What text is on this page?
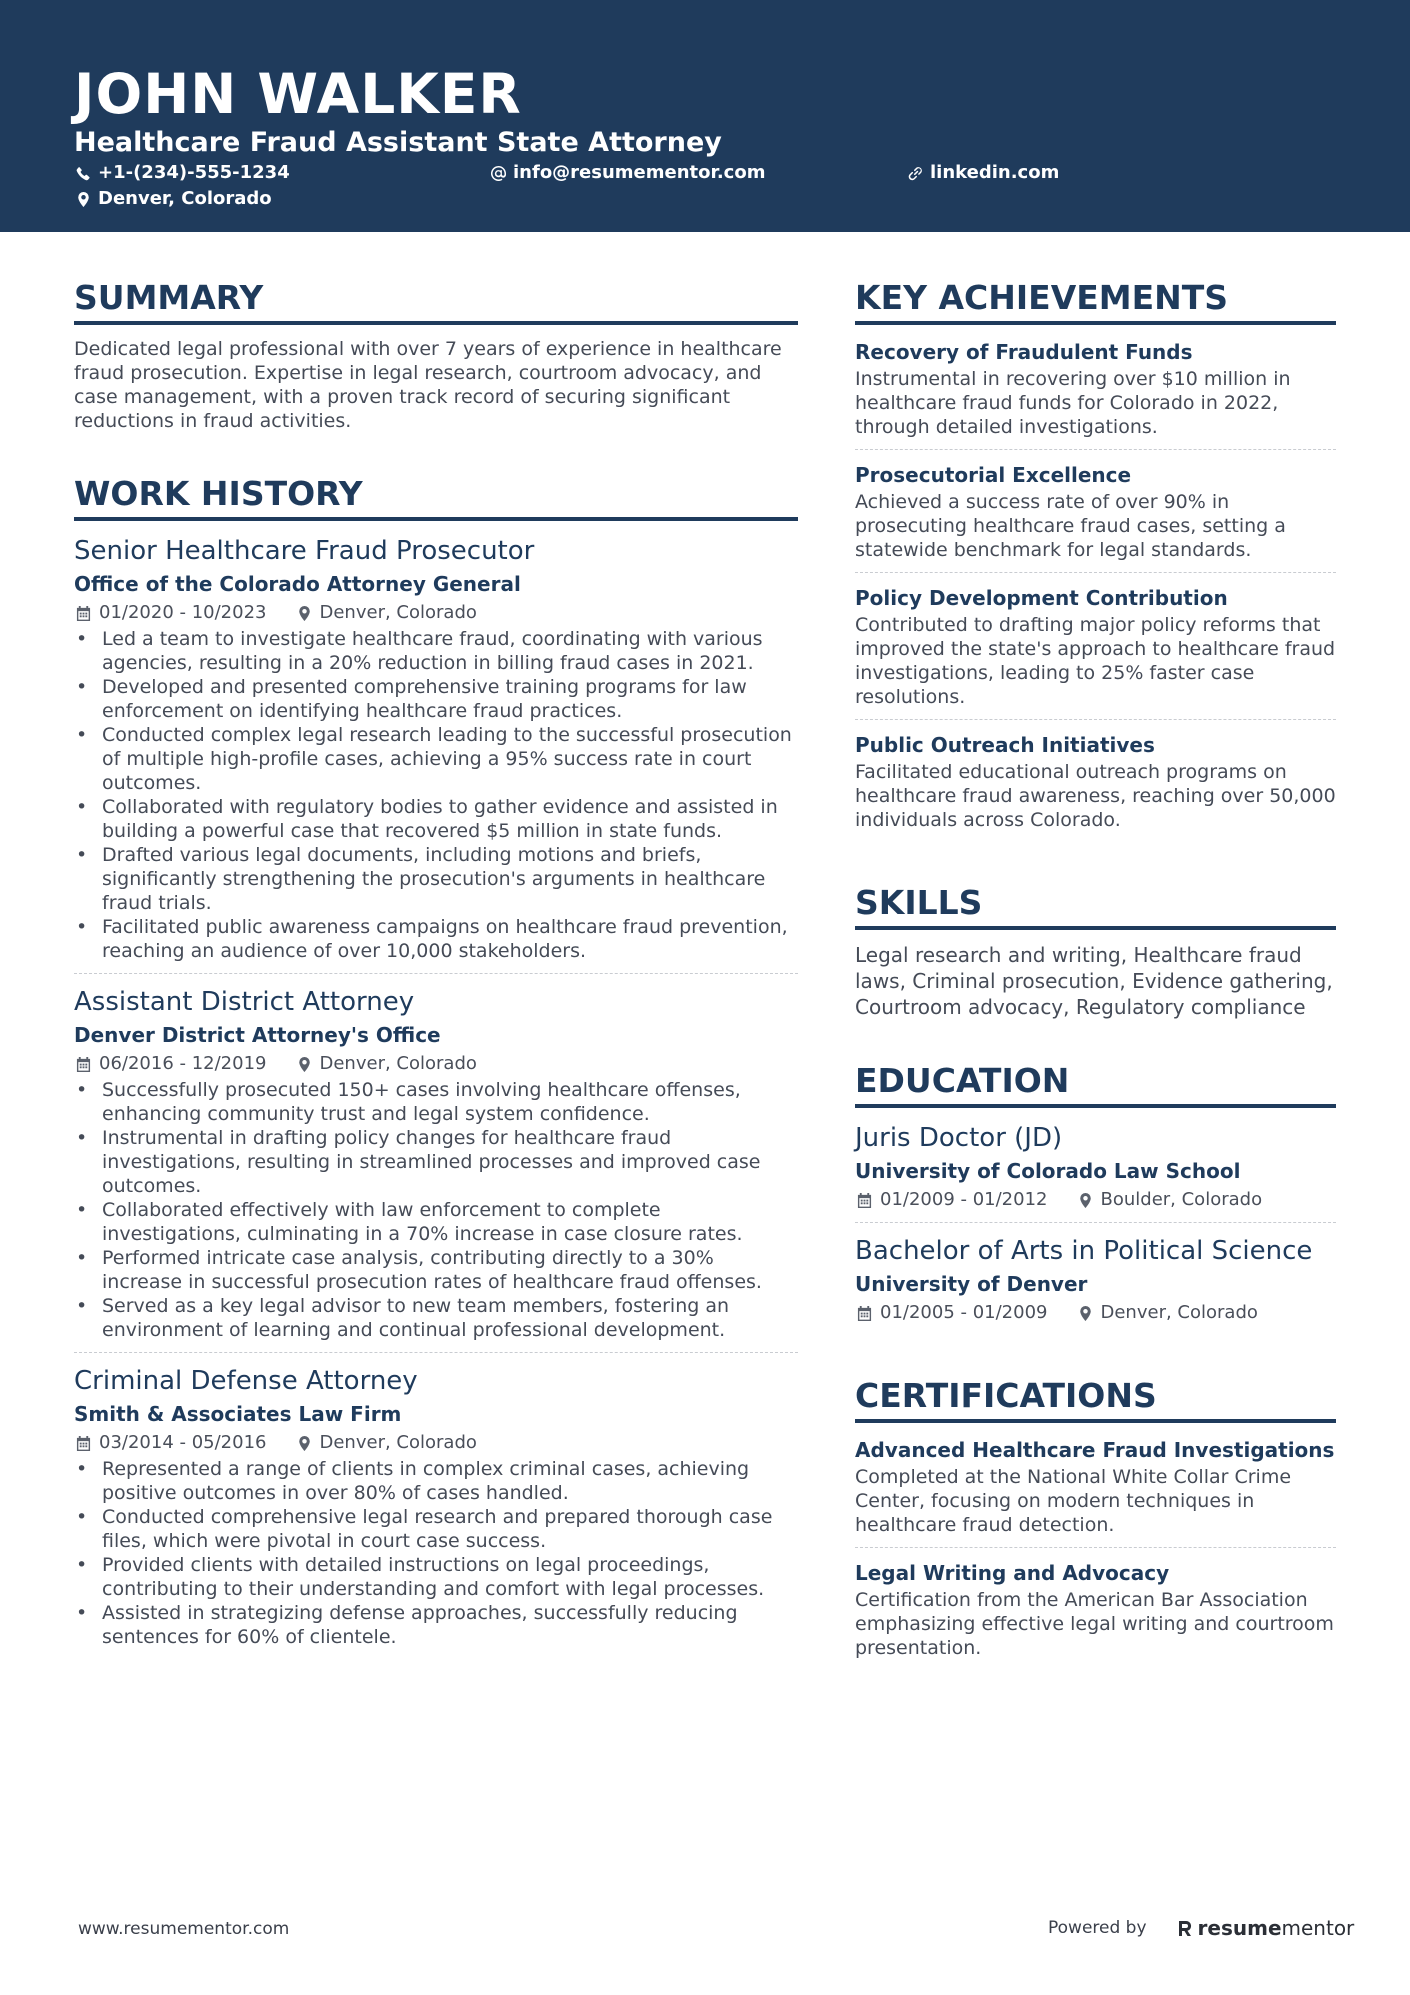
JOHN WALKER
Healthcare Fraud Assistant State Attorney
+1-(234)-555-1234	info@resumementor.com	linkedin.com
Denver, Colorado
SUMMARY

Dedicated legal professional with over 7 years of experience in healthcare fraud prosecution. Expertise in legal research, courtroom advocacy, and case management, with a proven track record of securing significant reductions in fraud activities.

WORK HISTORY
Senior Healthcare Fraud Prosecutor
Office of the Colorado Attorney General
01/2020 - 10/2023	Denver, Colorado
• Led a team to investigate healthcare fraud, coordinating with various agencies, resulting in a 20% reduction in billing fraud cases in 2021.
• Developed and presented comprehensive training programs for law enforcement on identifying healthcare fraud practices.
• Conducted complex legal research leading to the successful prosecution of multiple high-profile cases, achieving a 95% success rate in court outcomes.
• Collaborated with regulatory bodies to gather evidence and assisted in building a powerful case that recovered $5 million in state funds.
• Drafted various legal documents, including motions and briefs, significantly strengthening the prosecution's arguments in healthcare fraud trials.
• Facilitated public awareness campaigns on healthcare fraud prevention, reaching an audience of over 10,000 stakeholders.
Assistant District Attorney
Denver District Attorney's Office
06/2016 - 12/2019	Denver, Colorado
• Successfully prosecuted 150+ cases involving healthcare offenses, enhancing community trust and legal system confidence.
• Instrumental in drafting policy changes for healthcare fraud investigations, resulting in streamlined processes and improved case outcomes.
• Collaborated effectively with law enforcement to complete investigations, culminating in a 70% increase in case closure rates.
• Performed intricate case analysis, contributing directly to a 30% increase in successful prosecution rates of healthcare fraud offenses.
• Served as a key legal advisor to new team members, fostering an environment of learning and continual professional development.
Criminal Defense Attorney
Smith & Associates Law Firm
03/2014 - 05/2016	Denver, Colorado
• Represented a range of clients in complex criminal cases, achieving positive outcomes in over 80% of cases handled.
• Conducted comprehensive legal research and prepared thorough case files, which were pivotal in court case success.
• Provided clients with detailed instructions on legal proceedings, contributing to their understanding and comfort with legal processes.
• Assisted in strategizing defense approaches, successfully reducing sentences for 60% of clientele.
KEY ACHIEVEMENTS
Recovery of Fraudulent Funds
Instrumental in recovering over $10 million in healthcare fraud funds for Colorado in 2022, through detailed investigations.
Prosecutorial Excellence
Achieved a success rate of over 90% in prosecuting healthcare fraud cases, setting a statewide benchmark for legal standards.
Policy Development Contribution
Contributed to drafting major policy reforms that improved the state's approach to healthcare fraud investigations, leading to 25% faster case resolutions.
Public Outreach Initiatives
Facilitated educational outreach programs on healthcare fraud awareness, reaching over 50,000 individuals across Colorado.
SKILLS
Legal research and writing, Healthcare fraud laws, Criminal prosecution, Evidence gathering, Courtroom advocacy, Regulatory compliance
EDUCATION
Juris Doctor (JD)
University of Colorado Law School
01/2009 - 01/2012	Boulder, Colorado
Bachelor of Arts in Political Science
University of Denver
01/2005 - 01/2009	Denver, Colorado
CERTIFICATIONS
Advanced Healthcare Fraud Investigations
Completed at the National White Collar Crime Center, focusing on modern techniques in healthcare fraud detection.
Legal Writing and Advocacy
Certification from the American Bar Association emphasizing effective legal writing and courtroom presentation.
www.resumementor.com	Powered by	resume mentor
